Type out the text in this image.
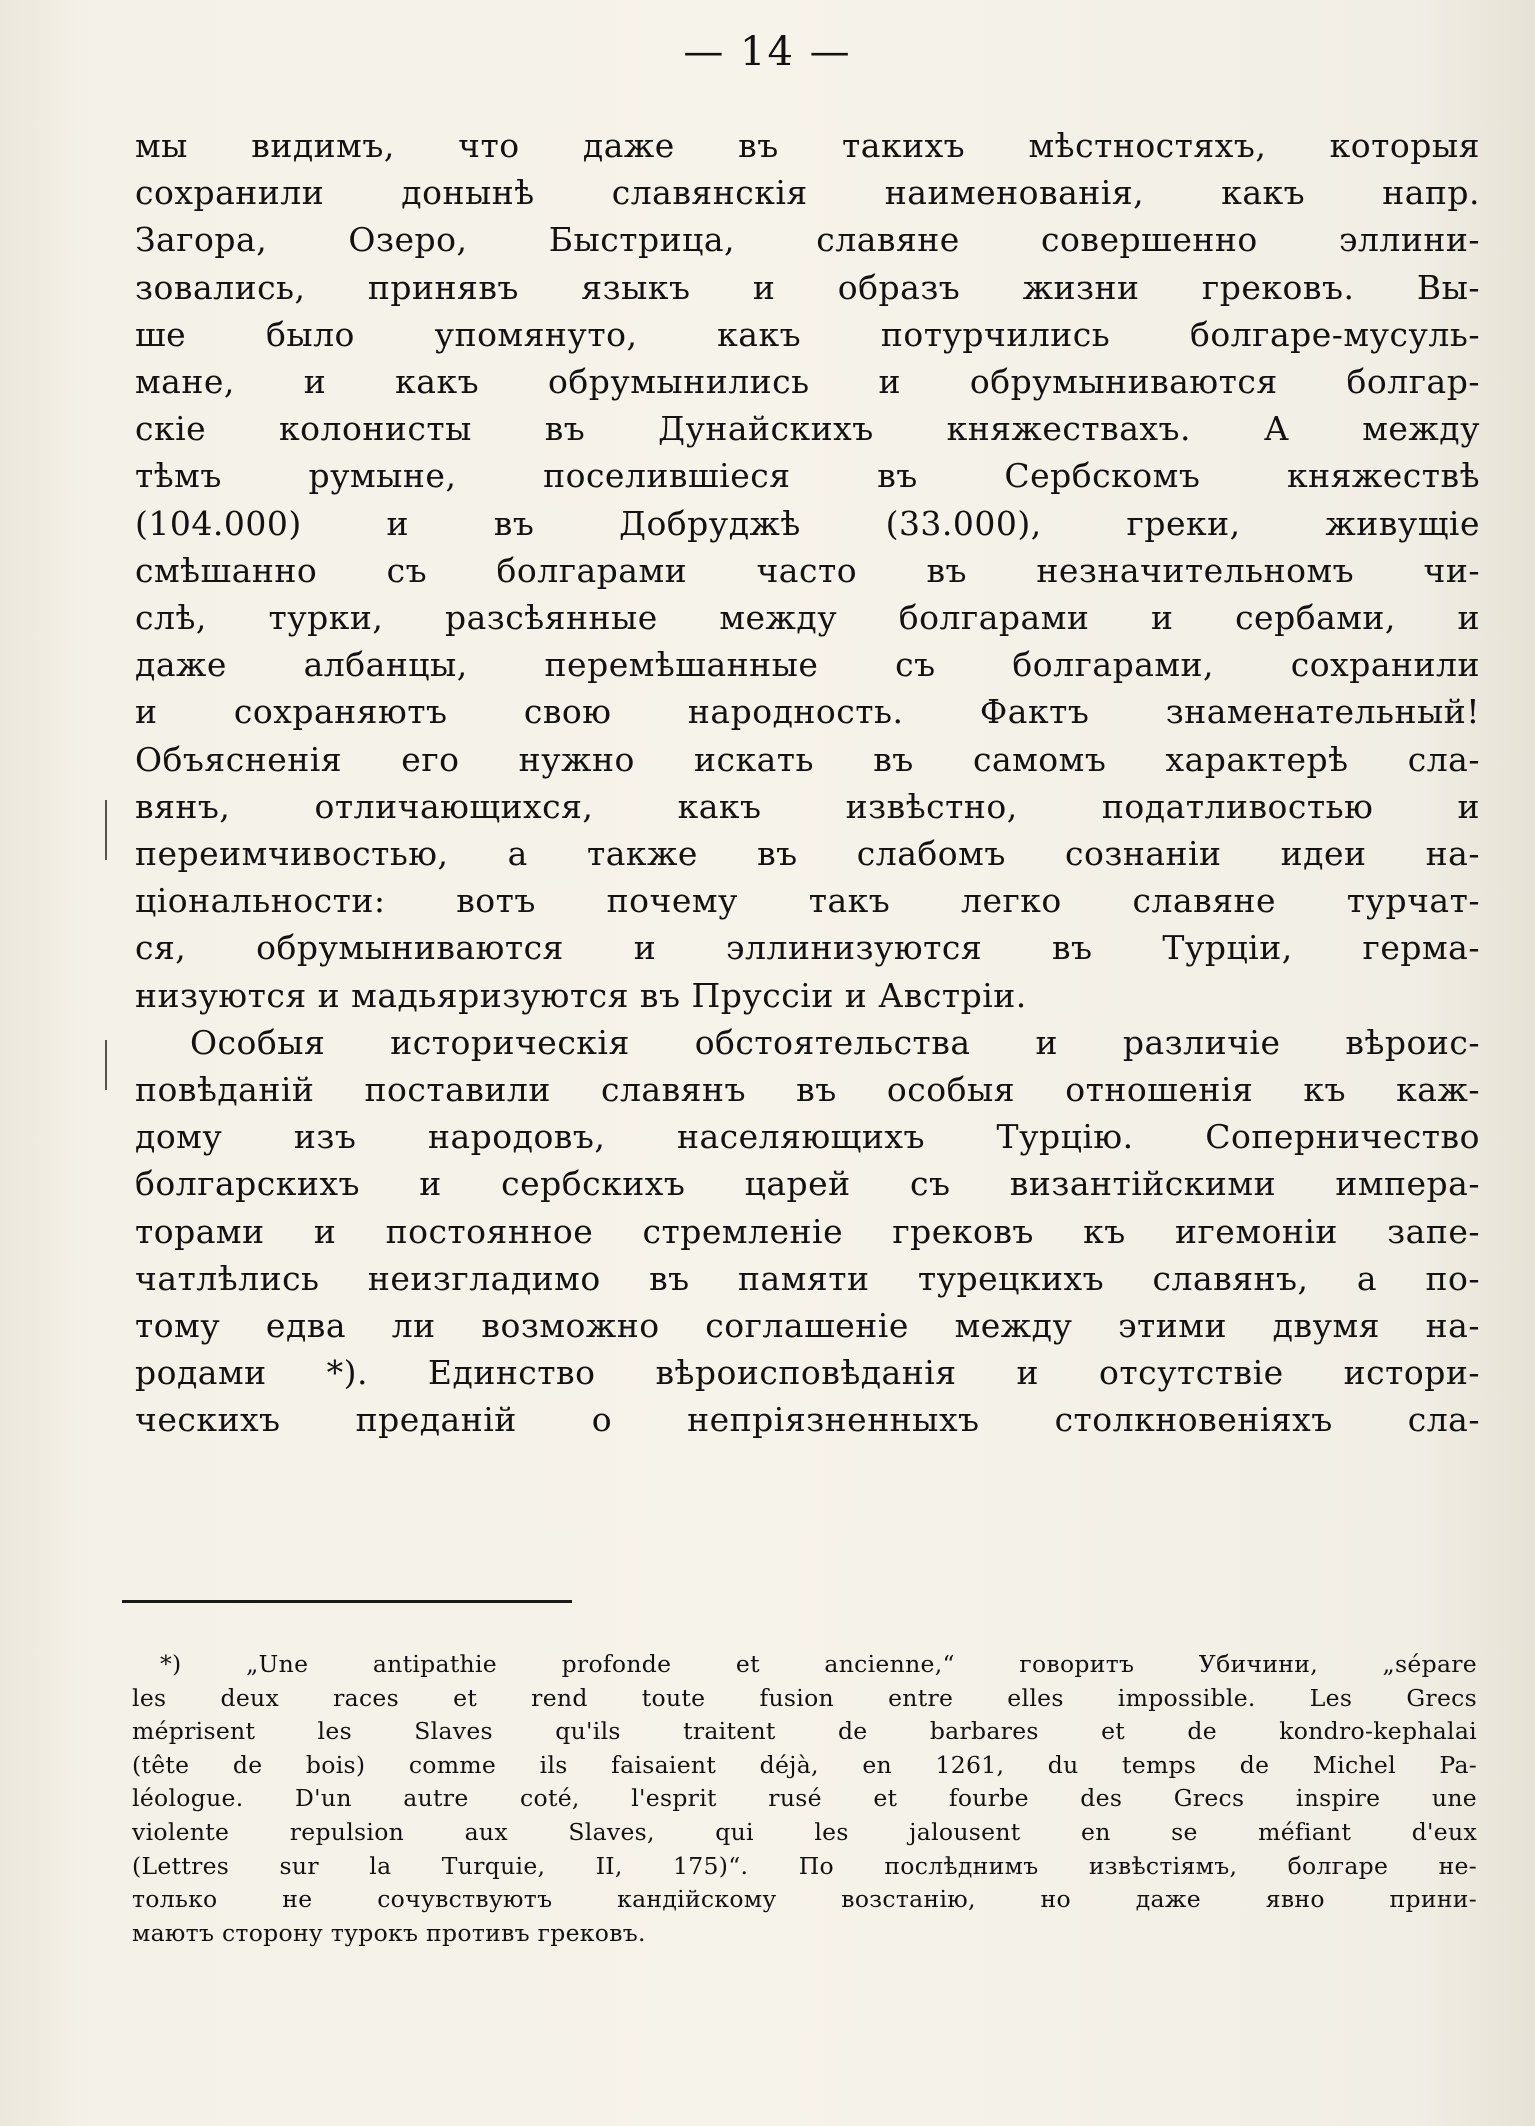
— 14 —
мы видимъ, что даже въ такихъ мѣстностяхъ, которыя
сохранили донынѣ славянскія наименованія, какъ напр.
Загора, Озеро, Быстрица, славяне совершенно эллини-
зовались, принявъ языкъ и образъ жизни грековъ. Вы-
ше было упомянуто, какъ потурчились болгаре-мусуль-
мане, и какъ обрумынились и обрумыниваются болгар-
скіе колонисты въ Дунайскихъ княжествахъ. А между
тѣмъ румыне, поселившіеся въ Сербскомъ княжествѣ
(104.000) и въ Добруджѣ (33.000), греки, живущіе
смѣшанно съ болгарами часто въ незначительномъ чи-
слѣ, турки, разсѣянные между болгарами и сербами, и
даже албанцы, перемѣшанные съ болгарами, сохранили
и сохраняютъ свою народность. Фактъ знаменательный!
Объясненія его нужно искать въ самомъ характерѣ сла-
вянъ, отличающихся, какъ извѣстно, податливостью и
переимчивостью, а также въ слабомъ сознаніи идеи на-
ціональности: вотъ почему такъ легко славяне турчат-
ся, обрумыниваются и эллинизуются въ Турціи, герма-
низуются и мадьяризуются въ Пруссіи и Австріи.
Особыя историческія обстоятельства и различіе вѣроис-
повѣданій поставили славянъ въ особыя отношенія къ каж-
дому изъ народовъ, населяющихъ Турцію. Соперничество
болгарскихъ и сербскихъ царей съ византійскими импера-
торами и постоянное стремленіе грековъ къ игемоніи запе-
чатлѣлись неизгладимо въ памяти турецкихъ славянъ, а по-
тому едва ли возможно соглашеніе между этими двумя на-
родами *). Единство вѣроисповѣданія и отсутствіе истори-
ческихъ преданій о непріязненныхъ столкновеніяхъ сла-
*) „Une antipathie profonde et ancienne,“ говоритъ Убичини, „sépare
les deux races et rend toute fusion entre elles impossible. Les Grecs
méprisent les Slaves qu'ils traitent de barbares et de kondro-kephalai
(tête de bois) comme ils faisaient déjà, en 1261, du temps de Michel Pa-
léologue. D'un autre coté, l'esprit rusé et fourbe des Grecs inspire une
violente repulsion aux Slaves, qui les jalousent en se méfiant d'eux
(Lettres sur la Turquie, II, 175)“. По послѣднимъ извѣстіямъ, болгаре не-
только не сочувствуютъ кандійскому возстанію, но даже явно прини-
маютъ сторону турокъ противъ грековъ.
